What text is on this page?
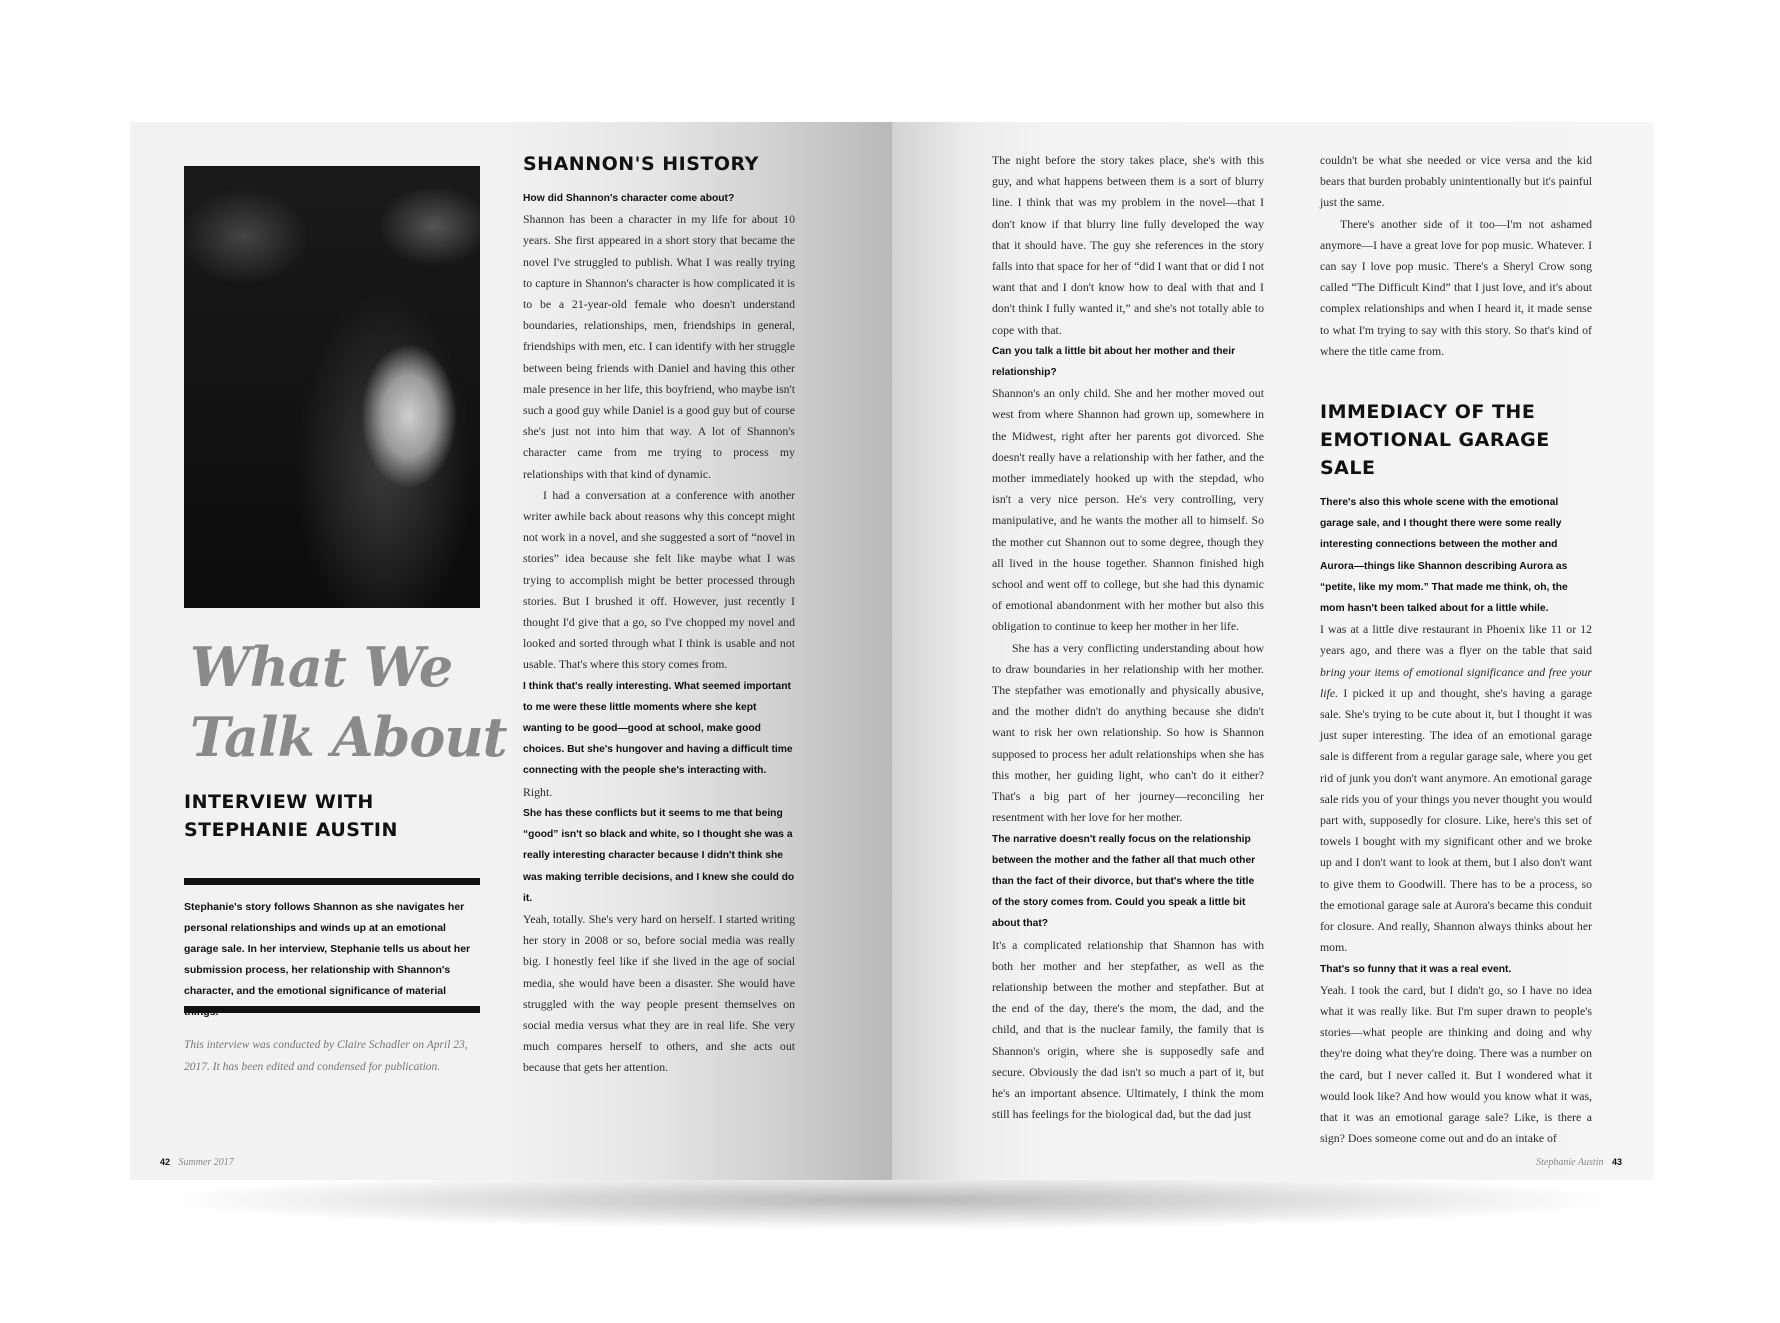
What We
Talk About
INTERVIEW WITH
STEPHANIE AUSTIN
Stephanie's story follows Shannon as she navigates her personal relationships and winds up at an emotional garage sale. In her interview, Stephanie tells us about her submission process, her relationship with Shannon's character, and the emotional significance of material
This interview was conducted by Claire Schadler on April 23, 2017. It has been edited and condensed for publication.
SHANNON'S HISTORY

How did Shannon's character come about?

Shannon has been a character in my life for about 10 years. She first appeared in a short story that became the novel I've struggled to publish. What I was really trying to capture in Shannon's character is how complicated it is to be a 21-year-old female who doesn't understand boundaries, relationships, men, friendships in general, friendships with men, etc. I can identify with her struggle between being friends with Daniel and having this other male presence in her life, this boyfriend, who maybe isn't such a good guy while Daniel is a good guy but of course she's just not into him that way. A lot of Shannon's character came from me trying to process my relationships with that kind of dynamic.

I had a conversation at a conference with another writer awhile back about reasons why this concept might not work in a novel, and she suggested a sort of “novel in stories” idea because she felt like maybe what I was trying to accomplish might be better processed through stories. But I brushed it off. However, just recently I thought I'd give that a go, so I've chopped my novel and looked and sorted through what I think is usable and not usable. That's where this story comes from.

I think that's really interesting. What seemed important to me were these little moments where she kept wanting to be good—good at school, make good choices. But she's hungover and having a difficult time connecting with the people she's interacting with.

Right.

She has these conflicts but it seems to me that being “good” isn't so black and white, so I thought she was a really interesting character because I didn't think she was making terrible decisions, and I knew she could do it.

Yeah, totally. She's very hard on herself. I started writing her story in 2008 or so, before social media was really big. I honestly feel like if she lived in the age of social media, she would have been a disaster. She would have struggled with the way people present themselves on social media versus what they are in real life. She very much compares herself to others, and she acts out because that gets her attention.

42 Summer 2017

The night before the story takes place, she's with this guy, and what happens between them is a sort of blurry line. I think that was my problem in the novel—that I don't know if that blurry line fully developed the way that it should have. The guy she references in the story falls into that space for her of “did I want that or did I not want that and I don't know how to deal with that and I don't think I fully wanted it,” and she's not totally able to cope with that.

Can you talk a little bit about her mother and their relationship?

Shannon's an only child. She and her mother moved out west from where Shannon had grown up, somewhere in the Midwest, right after her parents got divorced. She doesn't really have a relationship with her father, and the mother immediately hooked up with the stepdad, who isn't a very nice person. He's very controlling, very manipulative, and he wants the mother all to himself. So the mother cut Shannon out to some degree, though they all lived in the house together. Shannon finished high school and went off to college, but she had this dynamic of emotional abandonment with her mother but also this obligation to continue to keep her mother in her life.

She has a very conflicting understanding about how to draw boundaries in her relationship with her mother. The stepfather was emotionally and physically abusive, and the mother didn't do anything because she didn't want to risk her own relationship. So how is Shannon supposed to process her adult relationships when she has this mother, her guiding light, who can't do it either? That's a big part of her journey—reconciling her resentment with her love for her mother.

The narrative doesn't really focus on the relationship between the mother and the father all that much other than the fact of their divorce, but that's where the title of the story comes from. Could you speak a little bit about that?

It's a complicated relationship that Shannon has with both her mother and her stepfather, as well as the relationship between the mother and stepfather. But at the end of the day, there's the mom, the dad, and the child, and that is the nuclear family, the family that is Shannon's origin, where she is supposedly safe and secure. Obviously the dad isn't so much a part of it, but he's an important absence. Ultimately, I think the mom still has feelings for the biological dad, but the dad just

couldn't be what she needed or vice versa and the kid bears that burden probably unintentionally but it's painful just the same.

There's another side of it too—I'm not ashamed anymore—I have a great love for pop music. Whatever. I can say I love pop music. There's a Sheryl Crow song called “The Difficult Kind” that I just love, and it's about complex relationships and when I heard it, it made sense to what I'm trying to say with this story. So that's kind of where the title came from.

IMMEDIACY OF THE
EMOTIONAL GARAGE SALE

There's also this whole scene with the emotional garage sale, and I thought there were some really interesting connections between the mother and Aurora—things like Shannon describing Aurora as “petite, like my mom.” That made me think, oh, the mom hasn't been talked about for a little while.

I was at a little dive restaurant in Phoenix like 11 or 12 years ago, and there was a flyer on the table that said bring your items of emotional significance and free your life. I picked it up and thought, she's having a garage sale. She's trying to be cute about it, but I thought it was just super interesting. The idea of an emotional garage sale is different from a regular garage sale, where you get rid of junk you don't want anymore. An emotional garage sale rids you of your things you never thought you would part with, supposedly for closure. Like, here's this set of towels I bought with my significant other and we broke up and I don't want to look at them, but I also don't want to give them to Goodwill. There has to be a process, so the emotional garage sale at Aurora's became this conduit for closure. And really, Shannon always thinks about her mom.

That's so funny that it was a real event.

Yeah. I took the card, but I didn't go, so I have no idea what it was really like. But I'm super drawn to people's stories—what people are thinking and doing and why they're doing what they're doing. There was a number on the card, but I never called it. But I wondered what it would look like? And how would you know what it was, that it was an emotional garage sale? Like, is there a sign? Does someone come out and do an intake of

Stephanie Austin 43
